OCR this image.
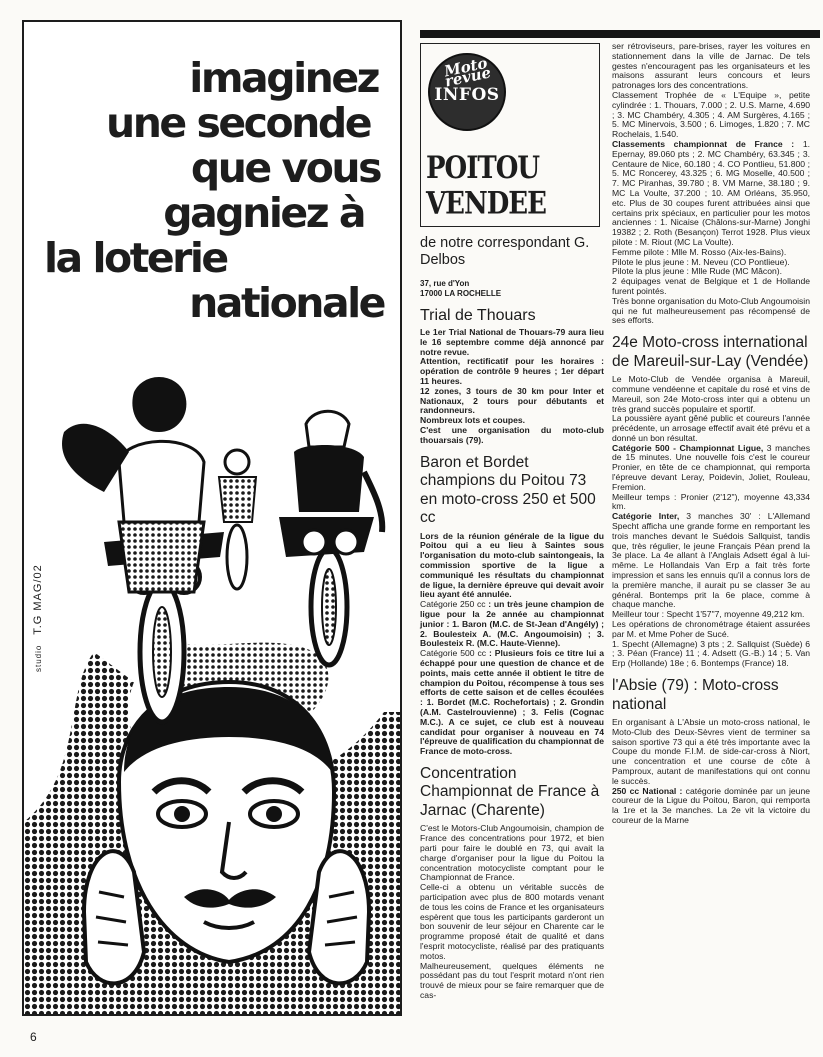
imaginez
une seconde
que vous
gagniez à
la loterie
nationale
studio T.G MAG/02
Moto revue
INFOS
POITOU
VENDEE
de notre correspondant G. Delbos
37, rue d'Yon
17000 LA ROCHELLE
Trial de Thouars

Le 1er Trial National de Thouars-79 aura lieu le 16 septembre comme déjà annoncé par notre revue.

Attention, rectificatif pour les horaires : opération de contrôle 9 heures ; 1er départ 11 heures.

12 zones, 3 tours de 30 km pour Inter et Nationaux, 2 tours pour débutants et randonneurs.

Nombreux lots et coupes.

C'est une organisation du moto-club thouarsais (79).

Baron et Bordet champions du Poitou 73 en moto-cross 250 et 500 cc

Lors de la réunion générale de la ligue du Poitou qui a eu lieu à Saintes sous l'organisation du moto-club saintongeais, la commission sportive de la ligue a communiqué les résultats du championnat de ligue, la dernière épreuve qui devait avoir lieu ayant été annulée.

Catégorie 250 cc : un très jeune champion de ligue pour la 2e année au championnat junior : 1. Baron (M.C. de St-Jean d'Angély) ; 2. Boulesteix A. (M.C. Angoumoisin) ; 3. Boulesteix R. (M.C. Haute-Vienne).

Catégorie 500 cc : Plusieurs fois ce titre lui a échappé pour une question de chance et de points, mais cette année il obtient le titre de champion du Poitou, récompense à tous ses efforts de cette saison et de celles écoulées : 1. Bordet (M.C. Rochefortais) ; 2. Grondin (A.M. Castelrouvienne) ; 3. Felis (Cognac M.C.). A ce sujet, ce club est à nouveau candidat pour organiser à nouveau en 74 l'épreuve de qualification du championnat de France de moto-cross.

Concentration Championnat de France à Jarnac (Charente)

C'est le Motors-Club Angoumoisin, champion de France des concentrations pour 1972, et bien parti pour faire le doublé en 73, qui avait la charge d'organiser pour la ligue du Poitou la concentration motocycliste comptant pour le Championnat de France.

Celle-ci a obtenu un véritable succès de participation avec plus de 800 motards venant de tous les coins de France et les organisateurs espèrent que tous les participants garderont un bon souvenir de leur séjour en Charente car le programme proposé était de qualité et dans l'esprit motocycliste, réalisé par des pratiquants motos.

Malheureusement, quelques éléments ne possédant pas du tout l'esprit motard n'ont rien trouvé de mieux pour se faire remarquer que de cas-

ser rétroviseurs, pare-brises, rayer les voitures en stationnement dans la ville de Jarnac. De tels gestes n'encouragent pas les organisateurs et les maisons assurant leurs concours et leurs patronages lors des concentrations.

Classement Trophée de « L'Equipe », petite cylindrée : 1. Thouars, 7.000 ; 2. U.S. Marne, 4.690 ; 3. MC Chambéry, 4.305 ; 4. AM Surgères, 4.165 ; 5. MC Minervois, 3.500 ; 6. Limoges, 1.820 ; 7. MC Rochelais, 1.540.

Classements championnat de France : 1. Epernay, 89.060 pts ; 2. MC Chambéry, 63.345 ; 3. Centaure de Nice, 60.180 ; 4. CO Pontlieu, 51.800 ; 5. MC Roncerey, 43.325 ; 6. MG Moselle, 40.500 ; 7. MC Piranhas, 39.780 ; 8. VM Marne, 38.180 ; 9. MC La Voulte, 37.200 ; 10. AM Orléans, 35.950, etc. Plus de 30 coupes furent attribuées ainsi que certains prix spéciaux, en particulier pour les motos anciennes : 1. Nicaise (Châlons-sur-Marne) Jonghi 19382 ; 2. Roth (Besançon) Terrot 1928. Plus vieux pilote : M. Riout (MC La Voulte).

Femme pilote : Mlle M. Rosso (Aix-les-Bains).

Pilote le plus jeune : M. Neveu (CO Pontlieue).

Pilote la plus jeune : Mlle Rude (MC Mâcon).

2 équipages venat de Belgique et 1 de Hollande furent pointés.

Très bonne organisation du Moto-Club Angoumoisin qui ne fut malheureusement pas récompensé de ses efforts.

24e Moto-cross international de Mareuil-sur-Lay (Vendée)

Le Moto-Club de Vendée organisa à Mareuil, commune vendéenne et capitale du rosé et vins de Mareuil, son 24e Moto-cross inter qui a obtenu un très grand succès populaire et sportif.

La poussière ayant gêné public et coureurs l'année précédente, un arrosage effectif avait été prévu et a donné un bon résultat.

Catégorie 500 - Championnat Ligue, 3 manches de 15 minutes. Une nouvelle fois c'est le coureur Pronier, en tête de ce championnat, qui remporta l'épreuve devant Leray, Poidevin, Joliet, Rouleau, Fremion.

Meilleur temps : Pronier (2'12"), moyenne 43,334 km.

Catégorie Inter, 3 manches 30' : L'Allemand Specht afficha une grande forme en remportant les trois manches devant le Suédois Sallquist, tandis que, très régulier, le jeune Français Péan prend la 3e place. La 4e allant à l'Anglais Adsett égal à lui-même. Le Hollandais Van Erp a fait très forte impression et sans les ennuis qu'il a connus lors de la première manche, il aurait pu se classer 3e au général. Bontemps prit la 6e place, comme à chaque manche.

Meilleur tour : Specht 1'57"7, moyenne 49,212 km.

Les opérations de chronométrage étaient assurées par M. et Mme Poher de Sucé.

1. Specht (Allemagne) 3 pts ; 2. Sallquist (Suède) 6 ; 3. Péan (France) 11 ; 4. Adsett (G.-B.) 14 ; 5. Van Erp (Hollande) 18e ; 6. Bontemps (France) 18.

l'Absie (79) : Moto-cross national

En organisant à L'Absie un moto-cross national, le Moto-Club des Deux-Sèvres vient de terminer sa saison sportive 73 qui a été très importante avec la Coupe du monde F.I.M. de side-car-cross à Niort, une concentration et une course de côte à Pamproux, autant de manifestations qui ont connu le succès.

250 cc National : catégorie dominée par un jeune coureur de la Ligue du Poitou, Baron, qui remporta la 1re et la 3e manches. La 2e vit la victoire du coureur de la Marne

6
